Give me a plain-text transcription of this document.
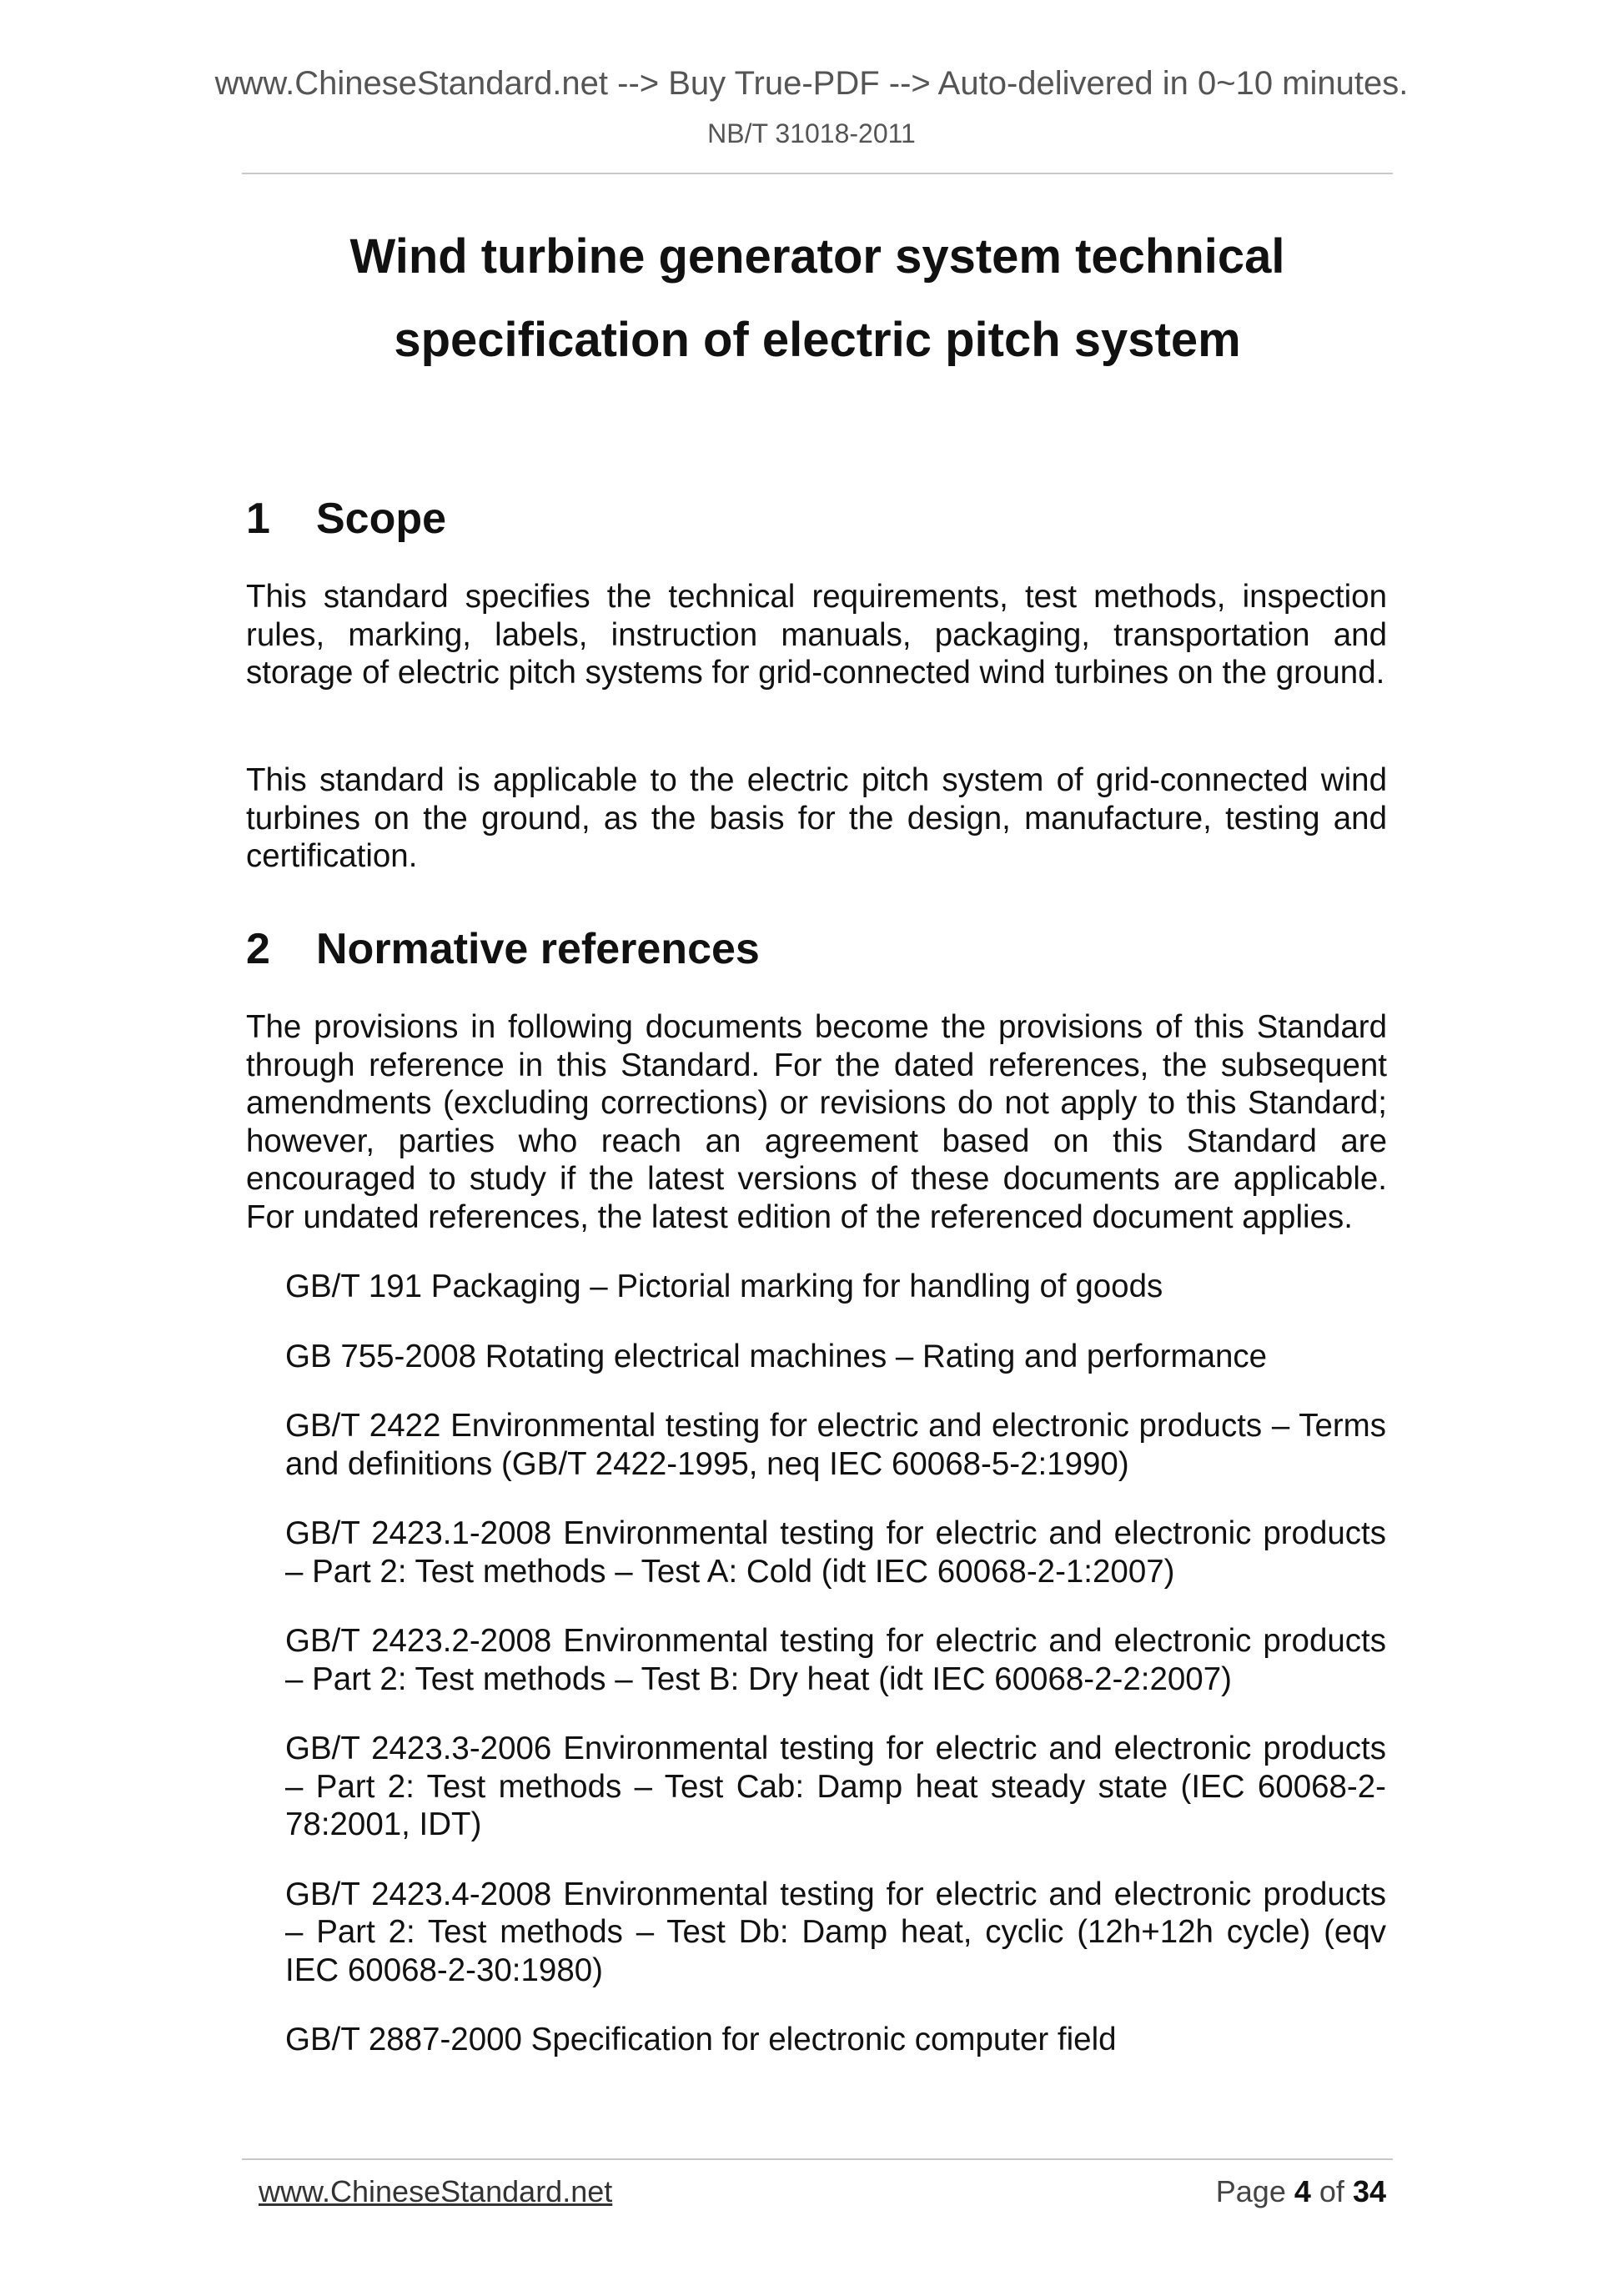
www.ChineseStandard.net --> Buy True-PDF --> Auto-delivered in 0~10 minutes.
NB/T 31018-2011
Wind turbine generator system technical
specification of electric pitch system
1	Scope

This standard specifies the technical requirements, test methods, inspection rules, marking, labels, instruction manuals, packaging, transportation and storage of electric pitch systems for grid-connected wind turbines on the ground.

This standard is applicable to the electric pitch system of grid-connected wind turbines on the ground, as the basis for the design, manufacture, testing and certification.

2	Normative references

The provisions in following documents become the provisions of this Standard through reference in this Standard. For the dated references, the subsequent amendments (excluding corrections) or revisions do not apply to this Standard; however, parties who reach an agreement based on this Standard are encouraged to study if the latest versions of these documents are applicable. For undated references, the latest edition of the referenced document applies.

GB/T 191 Packaging – Pictorial marking for handling of goods

GB 755-2008 Rotating electrical machines – Rating and performance

GB/T 2422 Environmental testing for electric and electronic products – Terms and definitions (GB/T 2422-1995, neq IEC 60068-5-2:1990)

GB/T 2423.1-2008 Environmental testing for electric and electronic products – Part 2: Test methods – Test A: Cold (idt IEC 60068-2-1:2007)

GB/T 2423.2-2008 Environmental testing for electric and electronic products – Part 2: Test methods – Test B: Dry heat (idt IEC 60068-2-2:2007)

GB/T 2423.3-2006 Environmental testing for electric and electronic products – Part 2: Test methods – Test Cab: Damp heat steady state (IEC 60068-2-78:2001, IDT)

GB/T 2423.4-2008 Environmental testing for electric and electronic products – Part 2: Test methods – Test Db: Damp heat, cyclic (12h+12h cycle) (eqv IEC 60068-2-30:1980)

GB/T 2887-2000 Specification for electronic computer field

www.ChineseStandard.net	Page 4 of 34
